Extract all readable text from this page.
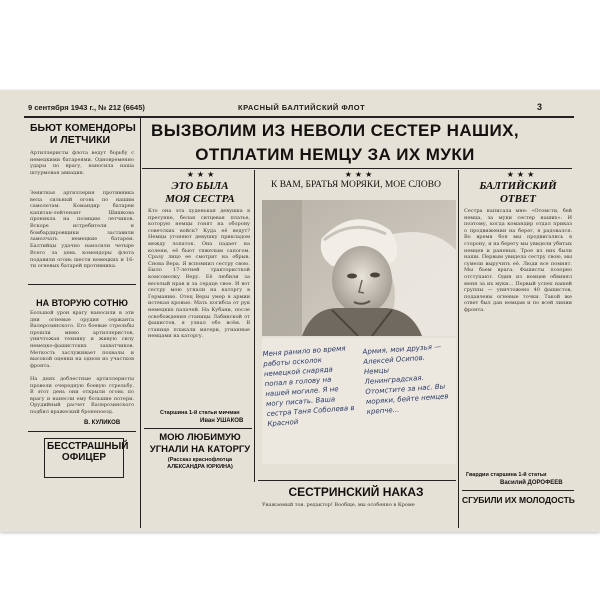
9 сентября 1943 г., № 212 (6645)	КРАСНЫЙ БАЛТИЙСКИЙ ФЛОТ	3
ВЫЗВОЛИМ ИЗ НЕВОЛИ СЕСТЕР НАШИХ,
ОТПЛАТИМ НЕМЦУ ЗА ИХ МУКИ
БЬЮТ КОМЕНДОРЫ
И ЛЕТЧИКИ
Артиллеристы флота ведут борьбу с немецкими батареями. Одновременно удары по врагу, наносила наша штурмовая авиация.
Зенитная артиллерия противника вела сильный огонь по нашим самолетам. Командир батареи капитан-лейтенант Шишкова проникла на позицию летчиков. Вскоре истребители и бомбардировщики заставили замолчать немецкие батареи. Балтийцы удачно наносили четыре
Всего за день комендоры флота подавили огонь шести немецких и 16-ти огневых батарей противника.
НА ВТОРУЮ СОТНЮ
Большой урон врагу наносили в эти дни огневые орудия сержанта Валерозинского. Его боевые стрельбы прошли мимо артиллеристов, уничтожая технику и живую силу немецко-фашистских захватчиков. Меткость заслуживает похвалы и высокой оценки на одном из участков фронта.
На днях доблестные артиллеристы провели очередную боевую стрельбу. В этот день они открыли огонь по врагу и нанесли ему большие потери. Орудийный расчет Валерозинского подбил вражеский бронепоезд.
В. КУЛИКОВ
БЕССТРАШНЫЙ ОФИЦЕР
★★★
ЭТО БЫЛА
МОЯ СЕСТРА
Кто она эта худенькая девушка в пресунке, белая ситцевая платье, которую немцы гонят на оборону советских войск? Куда её ведут? Немцы угоняют девушку прикладом между лопаток. Она падает на колени, её бьют тяжелым сапогом. Сразу лицо ее смотрит на обрыв. Снова Вера. Я вспомнил сестру свою. Было 17-летней трактористкой комсомолку Веру. Её любили за веселый нрав и за сердце свое. И вот сестру мою угнали на каторгу в Германию. Отец Веры умер в армии истекая кровью. Мать погибла от рук немецких палачей. На Кубани, после освобождения станицы Лабинской от фашистов, я узнал обо всём. В станице плакали матери, угнанные немцами на каторгу.
Старшина 1-й статьи мичман
Иван УШАКОВ
МОЮ ЛЮБИМУЮ
УГНАЛИ НА КАТОРГУ
(Рассказ краснофлотца
АЛЕКСАНДРА ЮРКИНА)
★★★
К ВАМ, БРАТЬЯ МОРЯКИ, МОЕ СЛОВО
Меня ранило во время работы осколок немецкой снаряда попал в голову на нашей могиле. Я не могу писать. Ваша сестра Таня Соболева в Красной
Армия, мои друзья — Алексей Осипов. Немцы Ленинградская. Отомстите за нас. Вы моряки, бейте немцев крепче...
СЕСТРИНСКИЙ НАКАЗ
Уважаемый тов. редактор! Вообще, мы особенно в Кроме
★★★
БАЛТИЙСКИЙ
ОТВЕТ
Сестра написала мне: «Отомсти, бей немца, за муки сестер наших». И поэтому, когда командир отдал приказ о продвижении на берег, я радовался. Во время боя мы продвигались в сторону, и на берегу мы увидели убитых немцев и раненых. Трое из них были наши. Первым увидела сестру свою, мы сумели выручить её. Люди все помнят. Мы бьем врага. Фашисты позорно отступают. Один из немцев обвинял меня за их муки... Первый успех нашей группы — уничтожено 40 фашистов, подавлены огневые точки. Такой же ответ был дан немцам и по всей линии фронта.
Гвардии старшина 1-й статьи
Василий ДОРОФЕЕВ
СГУБИЛИ ИХ МОЛОДОСТЬ
